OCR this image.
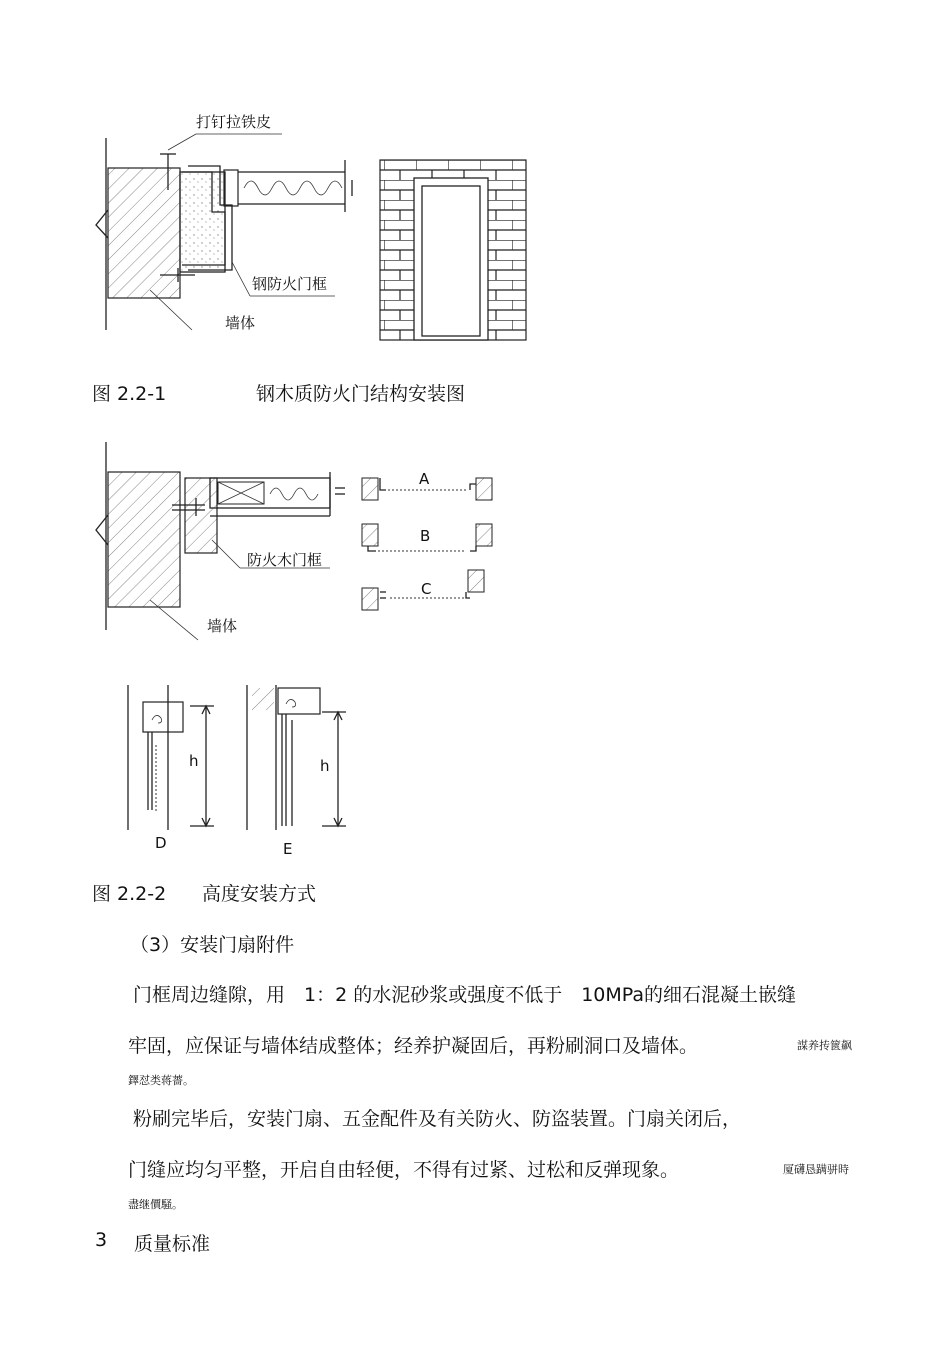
打钉拉铁皮
钢防火门框
墙体
图 2.2-1	钢木质防火门结构安装图
防火木门框
墙体
A
B
C
h	h
D	E
图 2.2-2 高度安装方式
（3）安装门扇附件
门框周边缝隙，用　1：2 的水泥砂浆或强度不低于　10MPa的细石混凝土嵌缝
牢固，应保证与墙体结成整体；经养护凝固后，再粉刷洞口及墙体。	謀养抟篋飙
鐸怼类蒋薔。
粉刷完毕后，安装门扇、五金配件及有关防火、防盗装置。门扇关闭后，
门缝应均匀平整，开启自由轻便，不得有过紧、过松和反弹现象。	厦礴恳蹒骈時
盡继價騒。
3 质量标准
